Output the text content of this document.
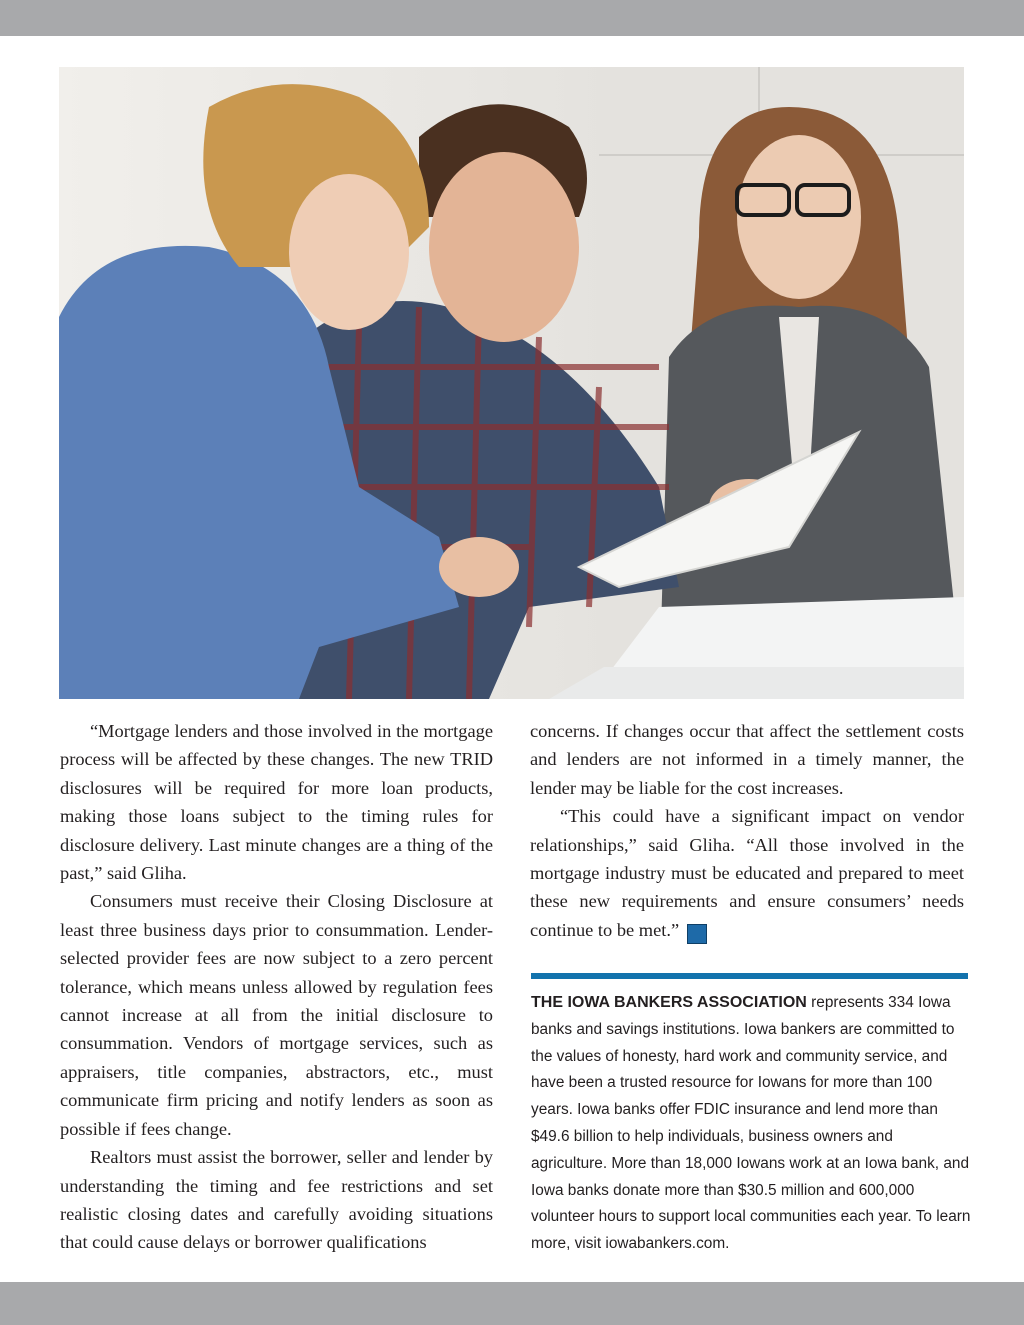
“Mortgage lenders and those involved in the mortgage process will be affected by these changes. The new TRID disclosures will be required for more loan products, making those loans subject to the timing rules for disclosure delivery. Last minute changes are a thing of the past,” said Gliha.

Consumers must receive their Closing Disclosure at least three business days prior to consummation. Lender-selected provider fees are now subject to a zero percent tolerance, which means unless allowed by regulation fees cannot increase at all from the initial disclosure to consummation. Vendors of mortgage services, such as appraisers, title companies, abstractors, etc., must communicate firm pricing and notify lenders as soon as possible if fees change.

Realtors must assist the borrower, seller and lender by understanding the timing and fee restrictions and set realistic closing dates and carefully avoiding situations that could cause delays or borrower qualifications

concerns. If changes occur that affect the settlement costs and lenders are not informed in a timely manner, the lender may be liable for the cost increases.

“This could have a significant impact on vendor relationships,” said Gliha. “All those involved in the mortgage industry must be educated and prepared to meet these new requirements and ensure consumers’ needs continue to be met.”	B

THE IOWA BANKERS ASSOCIATION represents 334 Iowa banks and savings institutions. Iowa bankers are committed to the values of honesty, hard work and community service, and have been a trusted resource for Iowans for more than 100 years. Iowa banks offer FDIC insurance and lend more than $49.6 billion to help individuals, business owners and agriculture. More than 18,000 Iowans work at an Iowa bank, and Iowa banks donate more than $30.5 million and 600,000 volunteer hours to support local communities each year. To learn more, visit iowabankers.com.
